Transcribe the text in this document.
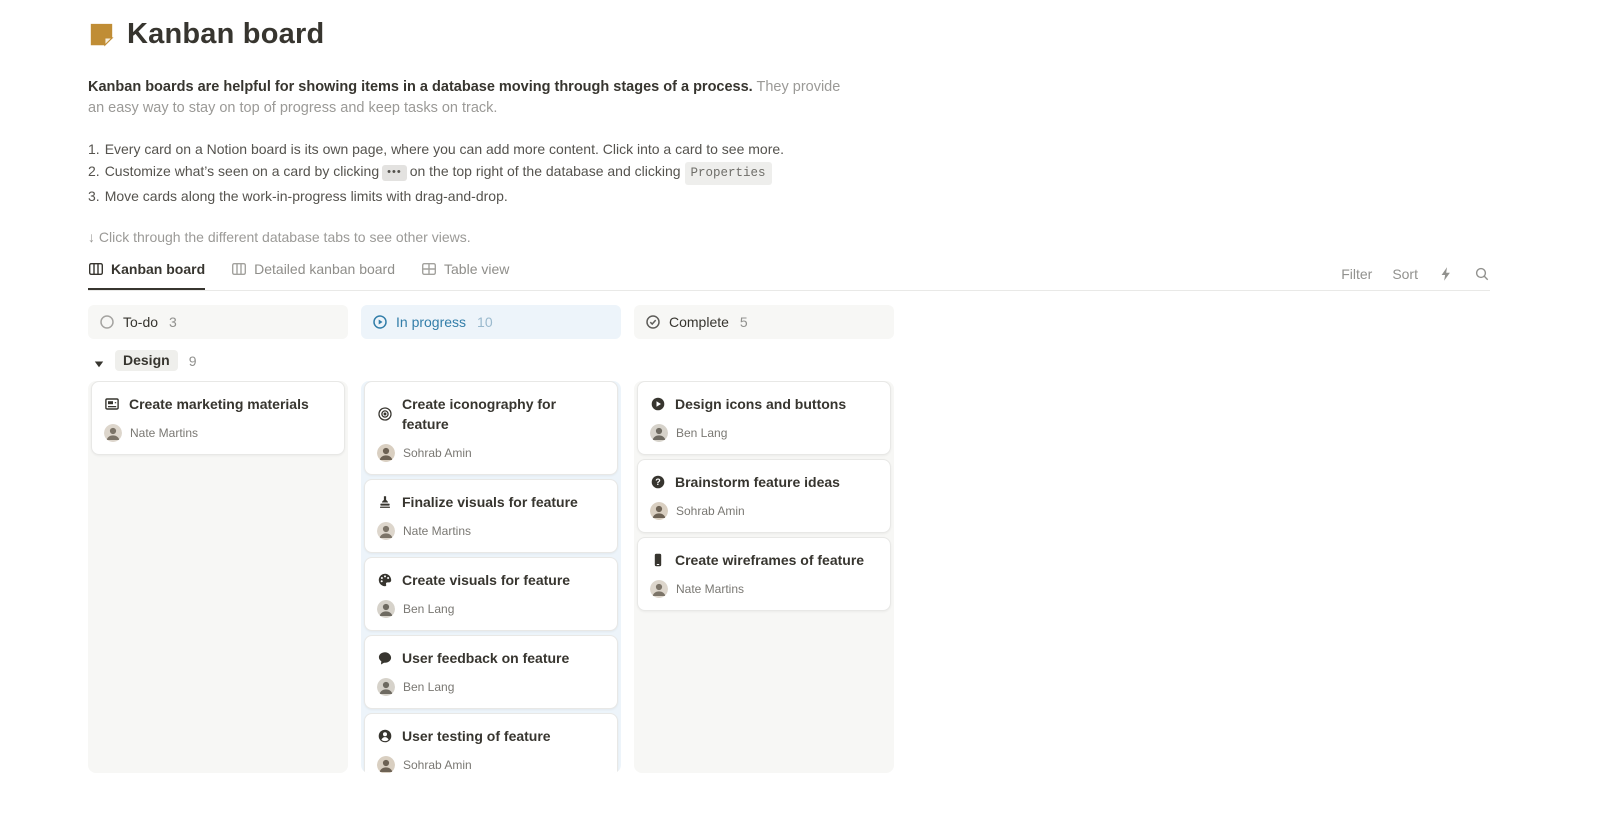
Kanban board

Kanban boards are helpful for showing items in a database moving through stages of a process. They provide an easy way to stay on top of progress and keep tasks on track.

1. Every card on a Notion board is its own page, where you can add more content. Click into a card to see more.
2. Customize what’s seen on a card by clicking ••• on the top right of the database and clicking Properties
3. Move cards along the work-in-progress limits with drag-and-drop.
↓ Click through the different database tabs to see other views.
Kanban board	Detailed kanban board	Table view	Filter Sort
To-do 3	In progress 10	Complete 5
Design	9
Create marketing materials
Nate Martins
Create iconography for feature
Sohrab Amin
Finalize visuals for feature
Nate Martins
Create visuals for feature
Ben Lang
User feedback on feature
Ben Lang
User testing of feature
Sohrab Amin
Design icons and buttons
Ben Lang
? Brainstorm feature ideas
Sohrab Amin
Create wireframes of feature
Nate Martins
